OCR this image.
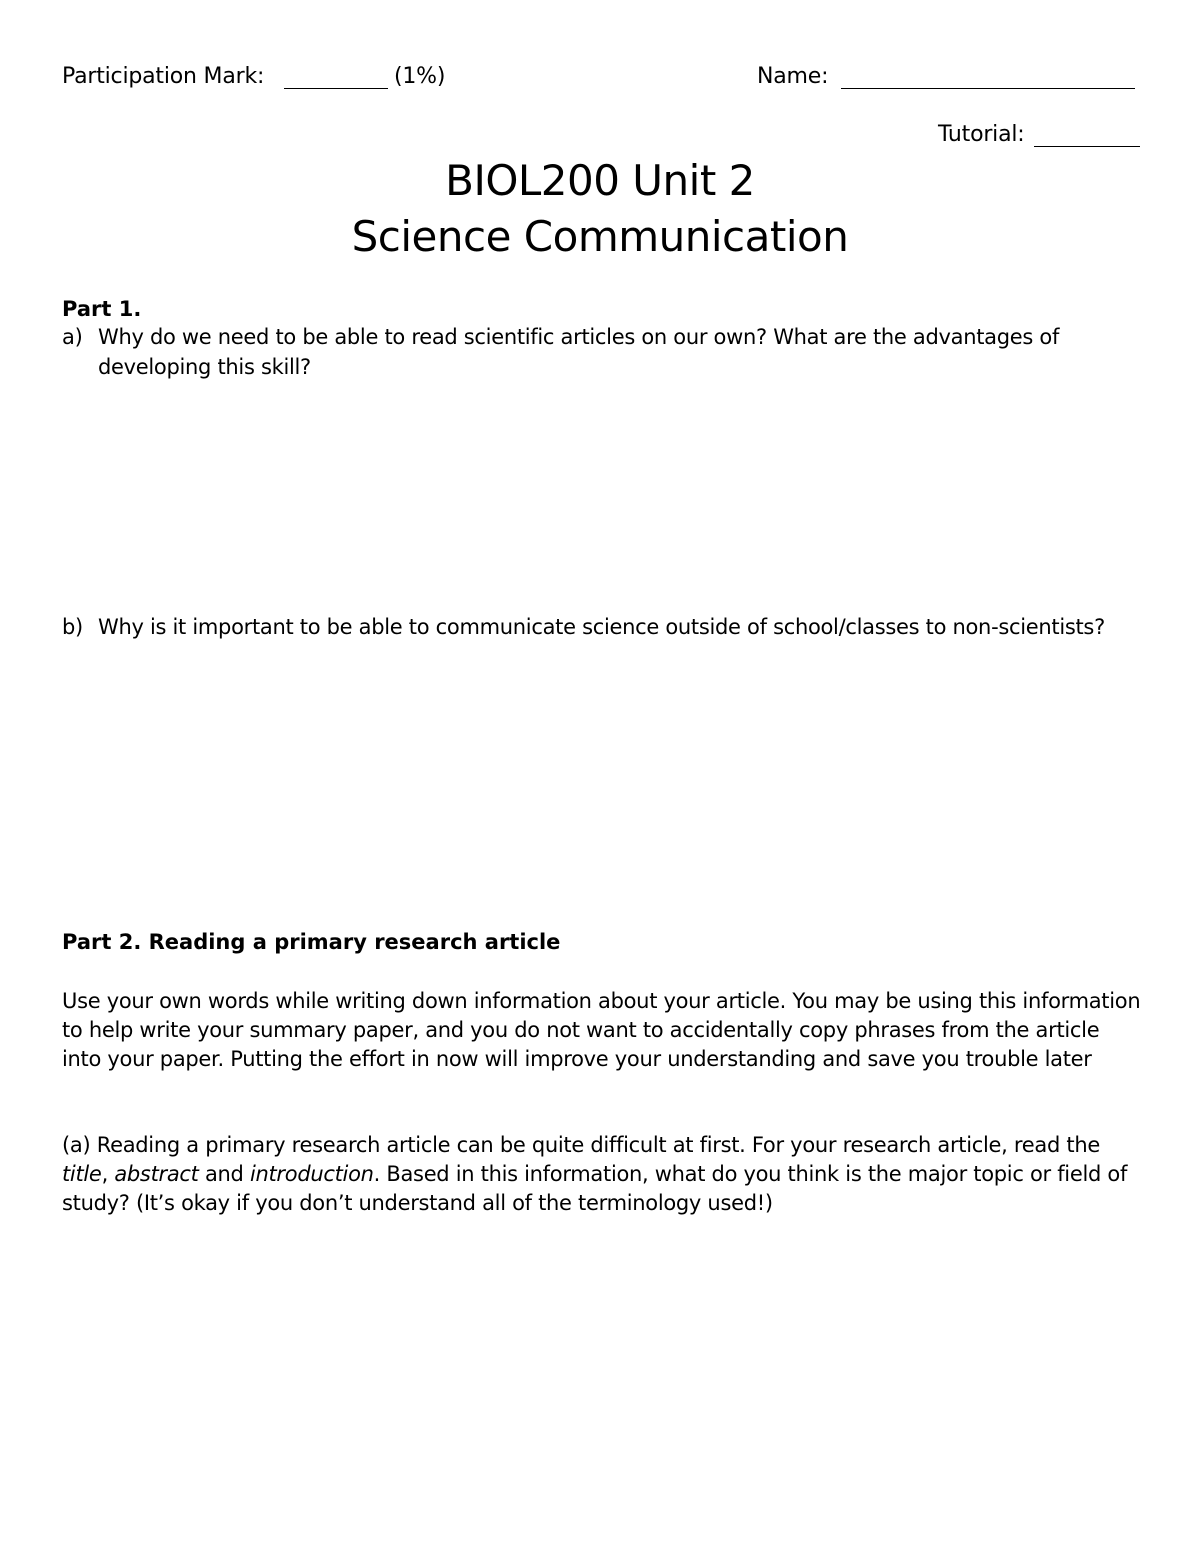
Participation Mark:	(1%)	Name:
Tutorial:
BIOL200 Unit 2
Science Communication
Part 1.
a) Why do we need to be able to read scientific articles on our own? What are the advantages of developing this skill?
b) Why is it important to be able to communicate science outside of school/classes to non-scientists?
Part 2. Reading a primary research article
Use your own words while writing down information about your article. You may be using this information to help write your summary paper, and you do not want to accidentally copy phrases from the article into your paper. Putting the effort in now will improve your understanding and save you trouble later
(a) Reading a primary research article can be quite difficult at first. For your research article, read the title, abstract and introduction. Based in this information, what do you think is the major topic or field of study? (It’s okay if you don’t understand all of the terminology used!)
